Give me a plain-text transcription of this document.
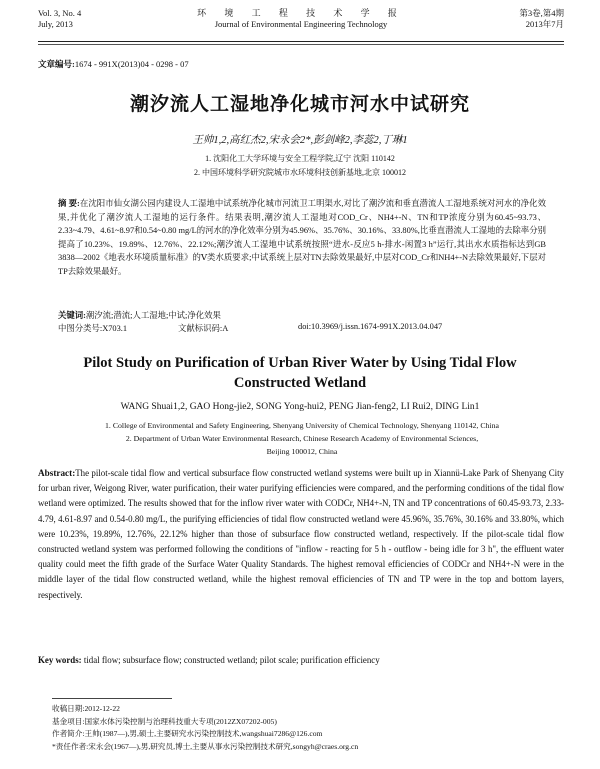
Vol. 3, No. 4
July, 2013
环 境 工 程 技 术 学 报
Journal of Environmental Engineering Technology
第3卷,第4期
2013年7月
文章编号:1674 - 991X(2013)04 - 0298 - 07
潮汐流人工湿地净化城市河水中试研究
王帅1,2,高红杰2,宋永会2*,彭剑峰2,李蕊2,丁琳1
1. 沈阳化工大学环境与安全工程学院,辽宁 沈阳 110142
2. 中国环境科学研究院城市水环境科技创新基地,北京 100012
摘 要:在沈阳市仙女湖公园内建设人工湿地中试系统净化城市河流卫工明渠水,对比了潮汐流和垂直潜流人工湿地系统对河水的净化效果,并优化了潮汐流人工湿地的运行条件。结果表明,潮汐流人工湿地对COD_Cr、NH4+-N、TN和TP浓度分别为60.45~93.73、2.33~4.79、4.61~8.97和0.54~0.80 mg/L的河水的净化效率分别为45.96%、35.76%、30.16%、33.80%,比垂直潜流人工湿地的去除率分别提高了10.23%、19.89%、12.76%、22.12%;潮汐流人工湿地中试系统按照“进水-反应5 h-排水-闲置3 h”运行,其出水水质指标达到GB 3838—2002《地表水环境质量标准》的Ⅴ类水质要求;中试系统上层对TN去除效果最好,中层对COD_Cr和NH4+-N去除效果最好,下层对TP去除效果最好。
关键词:潮汐流;潜流;人工湿地;中试;净化效果
中图分类号:X703.1	文献标识码:A	doi:10.3969/j.issn.1674-991X.2013.04.047
Pilot Study on Purification of Urban River Water by Using Tidal Flow Constructed Wetland
WANG Shuai1,2, GAO Hong-jie2, SONG Yong-hui2, PENG Jian-feng2, LI Rui2, DING Lin1
1. College of Environmental and Safety Engineering, Shenyang University of Chemical Technology, Shenyang 110142, China
2. Department of Urban Water Environmental Research, Chinese Research Academy of Environmental Sciences,
Beijing 100012, China
Abstract:The pilot-scale tidal flow and vertical subsurface flow constructed wetland systems were built up in Xiannü-Lake Park of Shenyang City for urban river, Weigong River, water purification, their water purifying efficiencies were compared, and the performing conditions of the tidal flow wetland were optimized. The results showed that for the inflow river water with CODCr, NH4+-N, TN and TP concentrations of 60.45-93.73, 2.33-4.79, 4.61-8.97 and 0.54-0.80 mg/L, the purifying efficiencies of tidal flow constructed wetland were 45.96%, 35.76%, 30.16% and 33.80%, which were 10.23%, 19.89%, 12.76%, 22.12% higher than those of subsurface flow constructed wetland, respectively. If the pilot-scale tidal flow constructed wetland system was performed following the conditions of "inflow - reacting for 5 h - outflow - being idle for 3 h", the effluent water quality could meet the fifth grade of the Surface Water Quality Standards. The highest removal efficiencies of CODCr and NH4+-N were in the middle layer of the tidal flow constructed wetland, while the highest removal efficiencies of TN and TP were in the top and bottom layers, respectively.
Key words: tidal flow; subsurface flow; constructed wetland; pilot scale; purification efficiency
收稿日期:2012-12-22
基金项目:国家水体污染控制与治理科技重大专项(2012ZX07202-005)
作者简介:王帅(1987—),男,硕士,主要研究水污染控制技术,wangshuai7286@126.com
*责任作者:宋永会(1967—),男,研究员,博士,主要从事水污染控制技术研究,songyh@craes.org.cn
